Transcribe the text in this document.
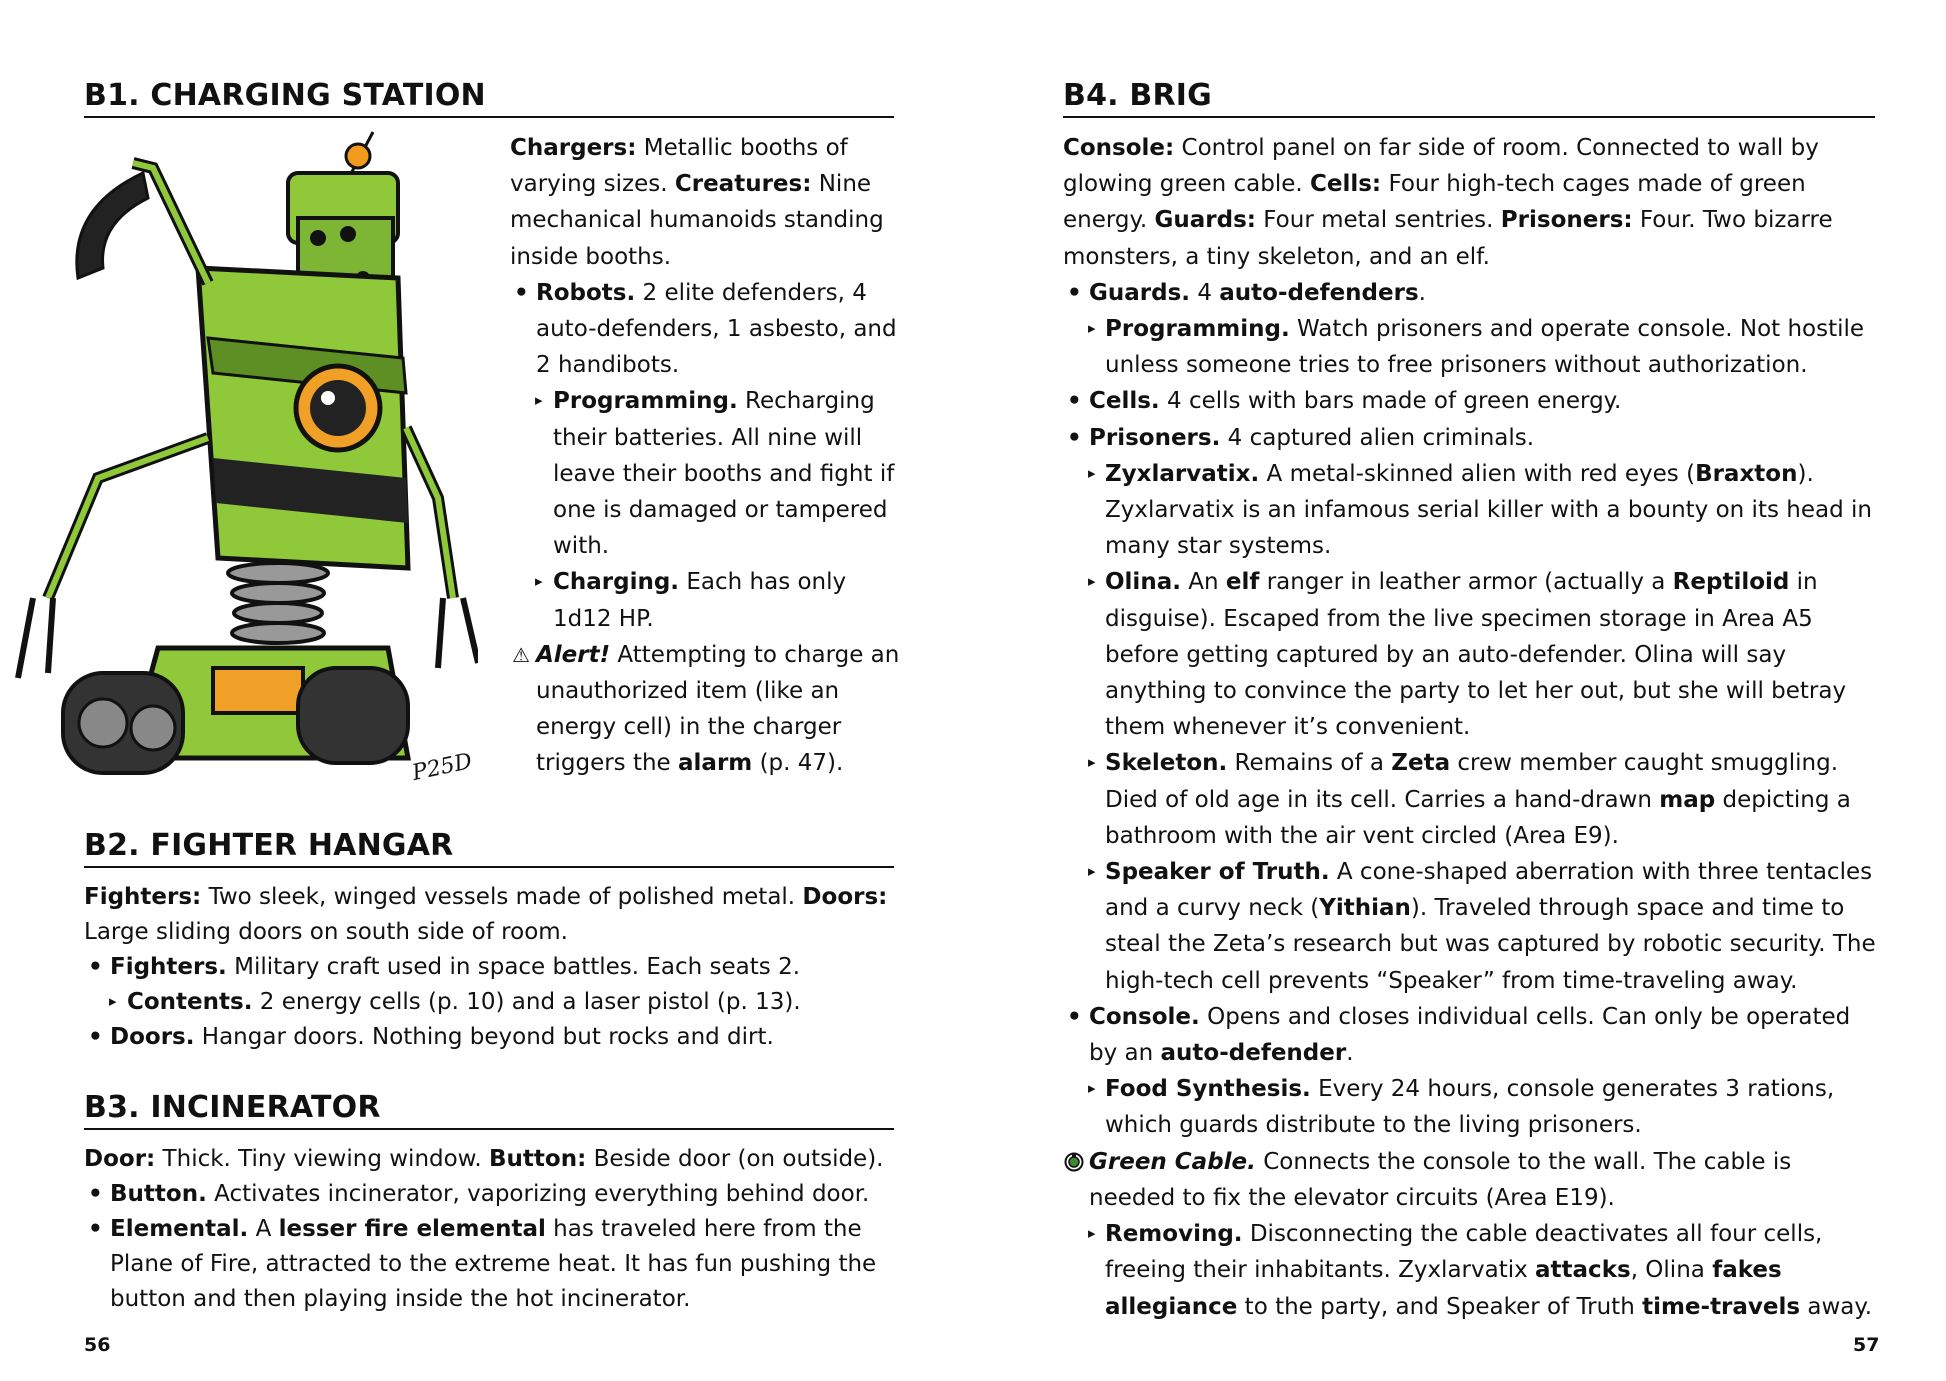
B1. CHARGING STATION
P25D

Chargers: Metallic booths of varying sizes. Creatures: Nine mechanical humanoids standing inside booths.

• Robots. 2 elite defenders, 4 auto-defenders, 1 asbesto, and 2 handibots.

▸ Programming. Recharging their batteries. All nine will leave their booths and fight if one is damaged or tampered with.

▸ Charging. Each has only 1d12 HP.

⚠ Alert! Attempting to charge an unauthorized item (like an energy cell) in the charger triggers the alarm (p. 47).

B2. FIGHTER HANGAR

Fighters: Two sleek, winged vessels made of polished metal. Doors: Large sliding doors on south side of room.

• Fighters. Military craft used in space battles. Each seats 2.

▸ Contents. 2 energy cells (p. 10) and a laser pistol (p. 13).

• Doors. Hangar doors. Nothing beyond but rocks and dirt.

B3. INCINERATOR

Door: Thick. Tiny viewing window. Button: Beside door (on outside).

• Button. Activates incinerator, vaporizing everything behind door.

• Elemental. A lesser fire elemental has traveled here from the Plane of Fire, attracted to the extreme heat. It has fun pushing the button and then playing inside the hot incinerator.

56
B4. BRIG

Console: Control panel on far side of room. Connected to wall by glowing green cable. Cells: Four high-tech cages made of green energy. Guards: Four metal sentries. Prisoners: Four. Two bizarre monsters, a tiny skeleton, and an elf.

• Guards. 4 auto-defenders.

▸ Programming. Watch prisoners and operate console. Not hostile unless someone tries to free prisoners without authorization.

• Cells. 4 cells with bars made of green energy.

• Prisoners. 4 captured alien criminals.

▸ Zyxlarvatix. A metal-skinned alien with red eyes (Braxton). Zyxlarvatix is an infamous serial killer with a bounty on its head in many star systems.

▸ Olina. An elf ranger in leather armor (actually a Reptiloid in disguise). Escaped from the live specimen storage in Area A5 before getting captured by an auto-defender. Olina will say anything to convince the party to let her out, but she will betray them whenever it’s convenient.

▸ Skeleton. Remains of a Zeta crew member caught smuggling. Died of old age in its cell. Carries a hand-drawn map depicting a bathroom with the air vent circled (Area E9).

▸ Speaker of Truth. A cone-shaped aberration with three tentacles and a curvy neck (Yithian). Traveled through space and time to steal the Zeta’s research but was captured by robotic security. The high-tech cell prevents “Speaker” from time-traveling away.

• Console. Opens and closes individual cells. Can only be operated by an auto-defender.

▸ Food Synthesis. Every 24 hours, console generates 3 rations, which guards distribute to the living prisoners.

Green Cable. Connects the console to the wall. The cable is needed to fix the elevator circuits (Area E19).

▸ Removing. Disconnecting the cable deactivates all four cells, freeing their inhabitants. Zyxlarvatix attacks, Olina fakes allegiance to the party, and Speaker of Truth time-travels away.

57
